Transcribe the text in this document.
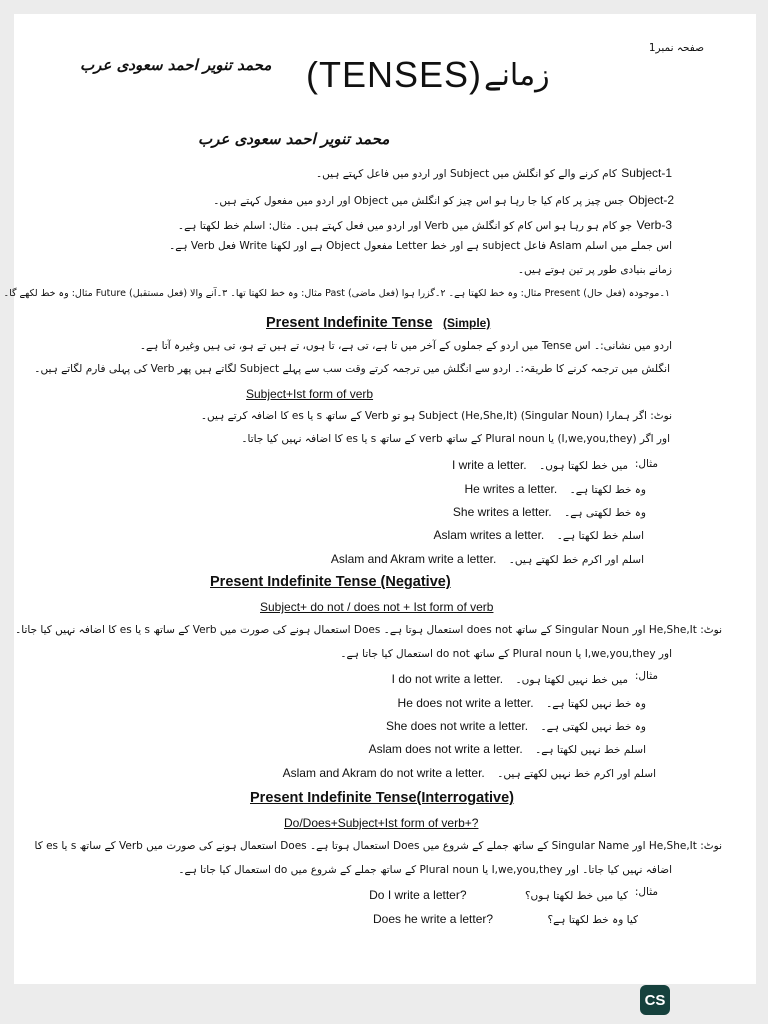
صفحہ نمبر1
محمد تنویر احمد سعودی عرب (TENSES) زمانے
محمد تنویر احمد سعودی عرب
کام کرنے والے کو انگلش میں Subject اور اردو میں فاعل کہتے ہیں۔ Subject-1
جس چیز پر کام کیا جا رہا ہو اس چیز کو انگلش میں Object اور اردو میں مفعول کہتے ہیں۔ Object-2
جو کام ہو رہا ہو اس کام کو انگلش میں Verb اور اردو میں فعل کہتے ہیں۔ مثال: اسلم خط لکھتا ہے۔ Verb-3
اس جملے میں اسلم Aslam فاعل subject ہے اور خط Letter مفعول Object ہے اور لکھنا Write فعل Verb ہے۔
زمانے بنیادی طور پر تین ہوتے ہیں۔
۱۔موجودہ (فعل حال) Present مثال: وہ خط لکھتا ہے۔ ۲۔گزرا ہوا (فعل ماضی) Past مثال: وہ خط لکھتا تھا۔ ۳۔آنے والا (فعل مستقبل) Future مثال: وہ خط لکھے گا۔
Present Indefinite Tense (Simple)
اردو میں نشانی:۔ اس Tense میں اردو کے جملوں کے آخر میں تا ہے، تی ہے، تا ہوں، تے ہیں تے ہو، تی ہیں وغیرہ آتا ہے۔
انگلش میں ترجمہ کرنے کا طریقہ:۔ اردو سے انگلش میں ترجمہ کرتے وقت سب سے پہلے Subject لگاتے ہیں پھر Verb کی پہلی فارم لگاتے ہیں۔
Subject+Ist form of verb
نوٹ: اگر ہمارا Subject (He,She,It) (Singular Noun) ہو تو Verb کے ساتھ s یا es کا اضافہ کرتے ہیں۔
اور اگر (I,we,you,they) یا Plural noun کے ساتھ verb کے ساتھ s یا es کا اضافہ نہیں کیا جاتا۔
مثال:
I write a letter. میں خط لکھتا ہوں۔
He writes a letter. وہ خط لکھتا ہے۔
She writes a letter. وہ خط لکھتی ہے۔
Aslam writes a letter. اسلم خط لکھتا ہے۔
Aslam and Akram write a letter. اسلم اور اکرم خط لکھتے ہیں۔
Present Indefinite Tense (Negative)
Subject+ do not / does not + Ist form of verb
نوٹ: He,She,It اور Singular Noun کے ساتھ does not استعمال ہوتا ہے۔ Does استعمال ہونے کی صورت میں Verb کے ساتھ s یا es کا اضافہ نہیں کیا جاتا۔
اور I,we,you,they یا Plural noun کے ساتھ do not استعمال کیا جاتا ہے۔
مثال:
I do not write a letter. میں خط نہیں لکھتا ہوں۔
He does not write a letter. وہ خط نہیں لکھتا ہے۔
She does not write a letter. وہ خط نہیں لکھتی ہے۔
Aslam does not write a letter. اسلم خط نہیں لکھتا ہے۔
Aslam and Akram do not write a letter. اسلم اور اکرم خط نہیں لکھتے ہیں۔
Present Indefinite Tense(Interrogative)
Do/Does+Subject+Ist form of verb+?
نوٹ: He,She,It اور Singular Name کے ساتھ جملے کے شروع میں Does استعمال ہوتا ہے۔ Does استعمال ہونے کی صورت میں Verb کے ساتھ s یا es کا
اضافہ نہیں کیا جاتا۔ اور I,we,you,they یا Plural noun کے ساتھ جملے کے شروع میں do استعمال کیا جاتا ہے۔
مثال:
Do I write a letter?	کیا میں خط لکھتا ہوں؟
Does he write a letter?	کیا وہ خط لکھتا ہے؟
CS
